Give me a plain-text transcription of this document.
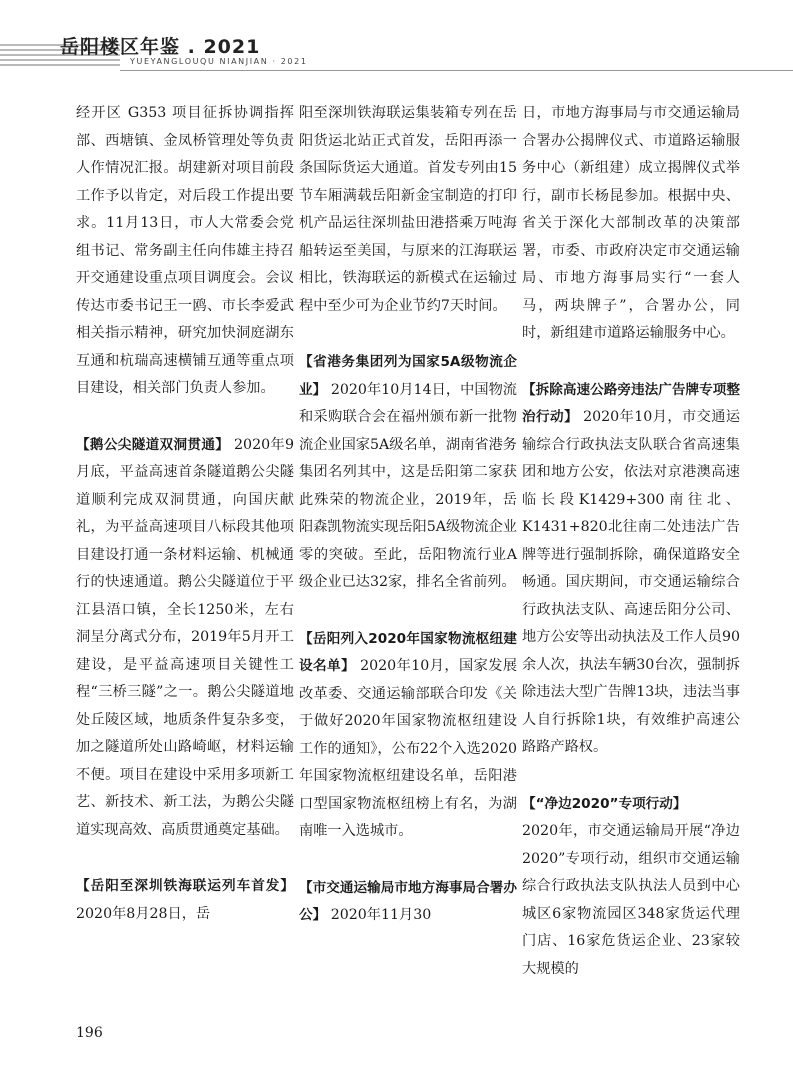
岳阳楼区年鉴 . 2021
YUEYANGLOUQU NIANJIAN · 2021

经开区 G353 项目征拆协调指挥部、西塘镇、金凤桥管理处等负责人作情况汇报。胡建新对项目前段工作予以肯定，对后段工作提出要求。11月13日，市人大常委会党组书记、常务副主任向伟雄主持召开交通建设重点项目调度会。会议传达市委书记王一鸥、市长李爱武相关指示精神，研究加快洞庭湖东互通和杭瑞高速横铺互通等重点项目建设，相关部门负责人参加。

【鹅公尖隧道双洞贯通】 2020年9月底，平益高速首条隧道鹅公尖隧道顺利完成双洞贯通，向国庆献礼，为平益高速项目八标段其他项目建设打通一条材料运输、机械通行的快速通道。鹅公尖隧道位于平江县浯口镇，全长1250米，左右洞呈分离式分布，2019年5月开工建设，是平益高速项目关键性工程“三桥三隧”之一。鹅公尖隧道地处丘陵区域，地质条件复杂多变，加之隧道所处山路崎岖，材料运输不便。项目在建设中采用多项新工艺、新技术、新工法，为鹅公尖隧道实现高效、高质贯通奠定基础。

【岳阳至深圳铁海联运列车首发】 2020年8月28日，岳

阳至深圳铁海联运集装箱专列在岳阳货运北站正式首发，岳阳再添一条国际货运大通道。首发专列由15节车厢满载岳阳新金宝制造的打印机产品运往深圳盐田港搭乘万吨海船转运至美国，与原来的江海联运相比，铁海联运的新模式在运输过程中至少可为企业节约7天时间。

【省港务集团列为国家5A级物流企业】 2020年10月14日，中国物流和采购联合会在福州颁布新一批物流企业国家5A级名单，湖南省港务集团名列其中，这是岳阳第二家获此殊荣的物流企业，2019年，岳阳森凯物流实现岳阳5A级物流企业零的突破。至此，岳阳物流行业A级企业已达32家，排名全省前列。

【岳阳列入2020年国家物流枢纽建设名单】 2020年10月，国家发展改革委、交通运输部联合印发《关于做好2020年国家物流枢纽建设工作的通知》，公布22个入选2020年国家物流枢纽建设名单，岳阳港口型国家物流枢纽榜上有名，为湖南唯一入选城市。

【市交通运输局市地方海事局合署办公】 2020年11月30

日，市地方海事局与市交通运输局合署办公揭牌仪式、市道路运输服务中心（新组建）成立揭牌仪式举行，副市长杨昆参加。根据中央、省关于深化大部制改革的决策部署，市委、市政府决定市交通运输局、市地方海事局实行“一套人马，两块牌子”，合署办公，同时，新组建市道路运输服务中心。

【拆除高速公路旁违法广告牌专项整治行动】 2020年10月，市交通运输综合行政执法支队联合省高速集团和地方公安，依法对京港澳高速临长段K1429+300南往北、K1431+820北往南二处违法广告牌等进行强制拆除，确保道路安全畅通。国庆期间，市交通运输综合行政执法支队、高速岳阳分公司、地方公安等出动执法及工作人员90余人次，执法车辆30台次，强制拆除违法大型广告牌13块，违法当事人自行拆除1块，有效维护高速公路路产路权。

【“净边2020”专项行动】
2020年，市交通运输局开展“净边2020”专项行动，组织市交通运输综合行政执法支队执法人员到中心城区6家物流园区348家货运代理门店、16家危货运企业、23家较大规模的

196
